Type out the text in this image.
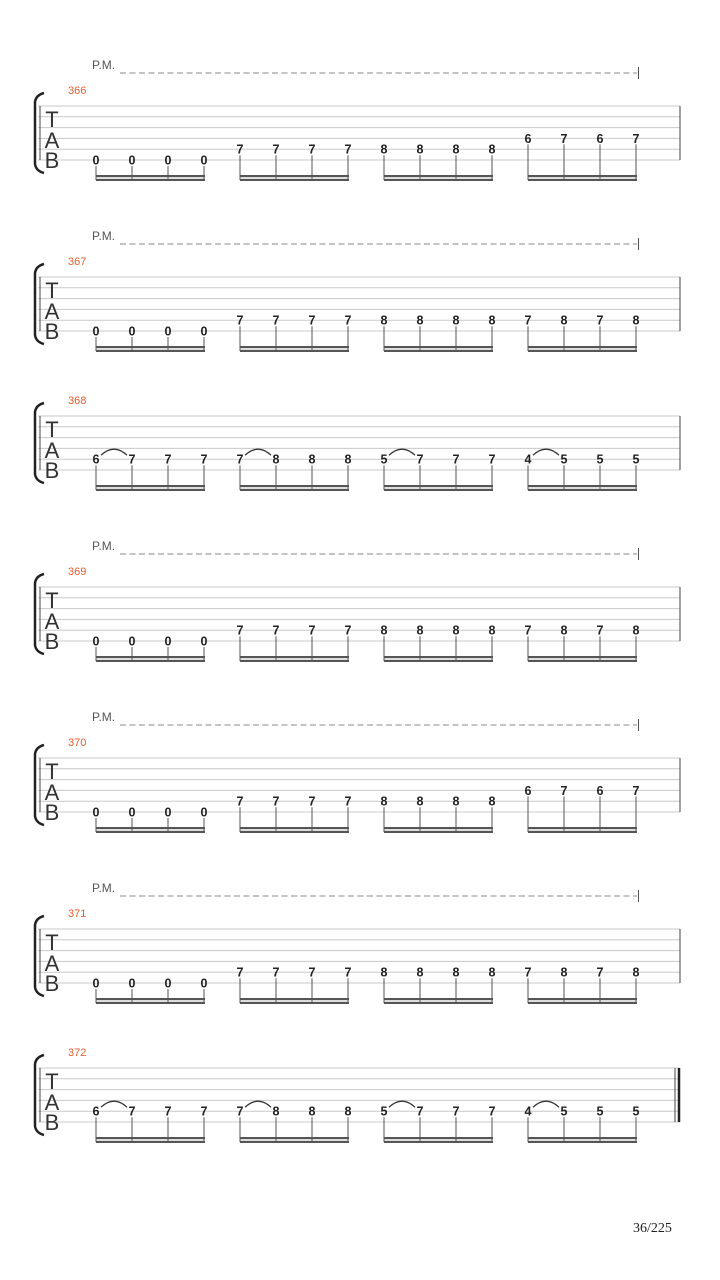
P.M.
366
T
A
B	0 0 0 0
7 7 7 7 8 8 8 8
6 7 6 7
P.M.
367
T
A
B	0 0 0 0
7 7 7 7 8 8 8 8 7 8 7 8
368
T
A
B	6 7 7 7 7 8 8 8 5 7 7 7 4 5 5 5
P.M.
369
T
A
B	0 0 0 0
7 7 7 7 8 8 8 8 7 8 7 8
P.M.
370
T
A
B	0 0 0 0
7 7 7 7 8 8 8 8
6 7 6 7
P.M.
371
T
A
B	0 0 0 0
7 7 7 7 8 8 8 8 7 8 7 8
372
T
A
B	6 7 7 7 7 8 8 8 5 7 7 7 4 5 5 5
36/225
